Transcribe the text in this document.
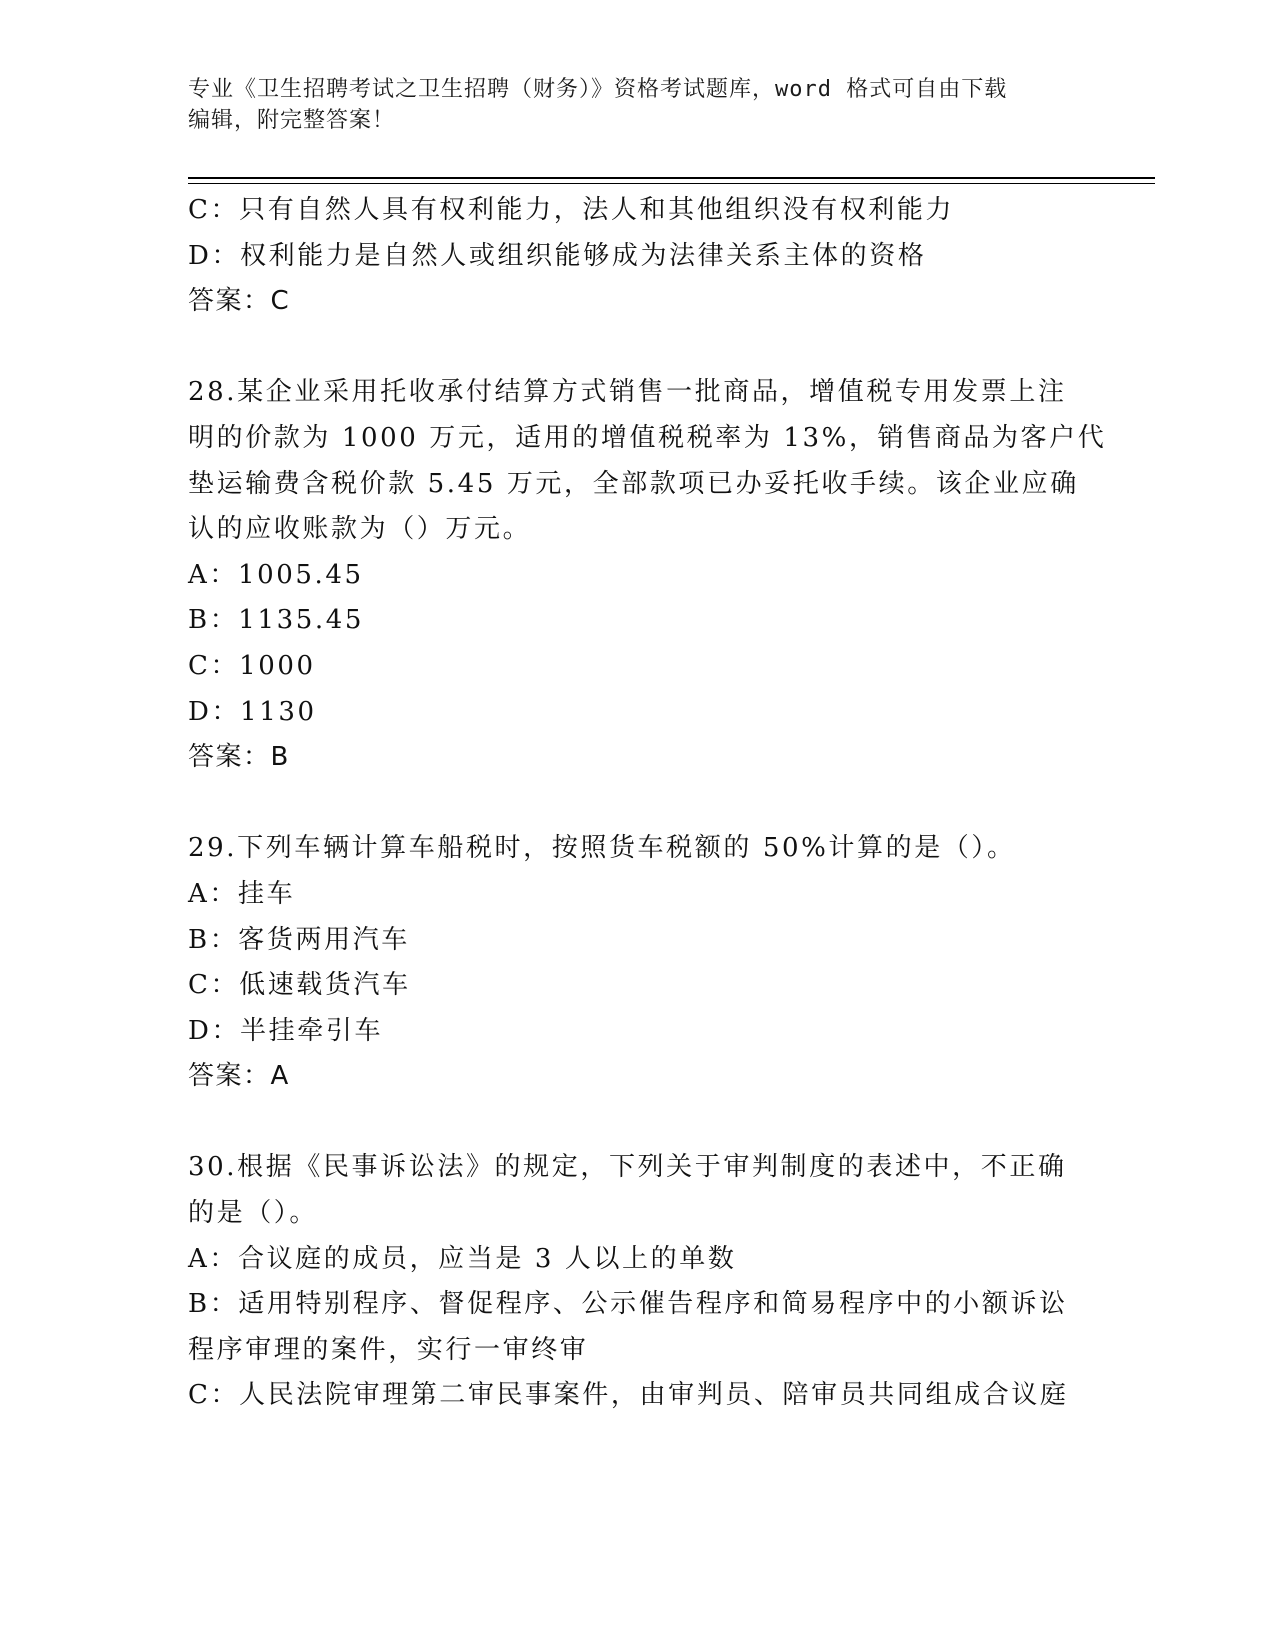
专业《卫生招聘考试之卫生招聘（财务）》资格考试题库，word 格式可自由下载
编辑，附完整答案！

C：只有自然人具有权利能力，法人和其他组织没有权利能力

D：权利能力是自然人或组织能够成为法律关系主体的资格

答案：C

28.某企业采用托收承付结算方式销售一批商品，增值税专用发票上注

明的价款为 1000 万元，适用的增值税税率为 13%，销售商品为客户代

垫运输费含税价款 5.45 万元，全部款项已办妥托收手续。该企业应确

认的应收账款为（）万元。

A：1005.45

B：1135.45

C：1000

D：1130

答案：B

29.下列车辆计算车船税时，按照货车税额的 50%计算的是（）。

A：挂车

B：客货两用汽车

C：低速载货汽车

D：半挂牵引车

答案：A

30.根据《民事诉讼法》的规定，下列关于审判制度的表述中，不正确

的是（）。

A：合议庭的成员，应当是 3 人以上的单数

B：适用特别程序、督促程序、公示催告程序和简易程序中的小额诉讼

程序审理的案件，实行一审终审

C：人民法院审理第二审民事案件，由审判员、陪审员共同组成合议庭
